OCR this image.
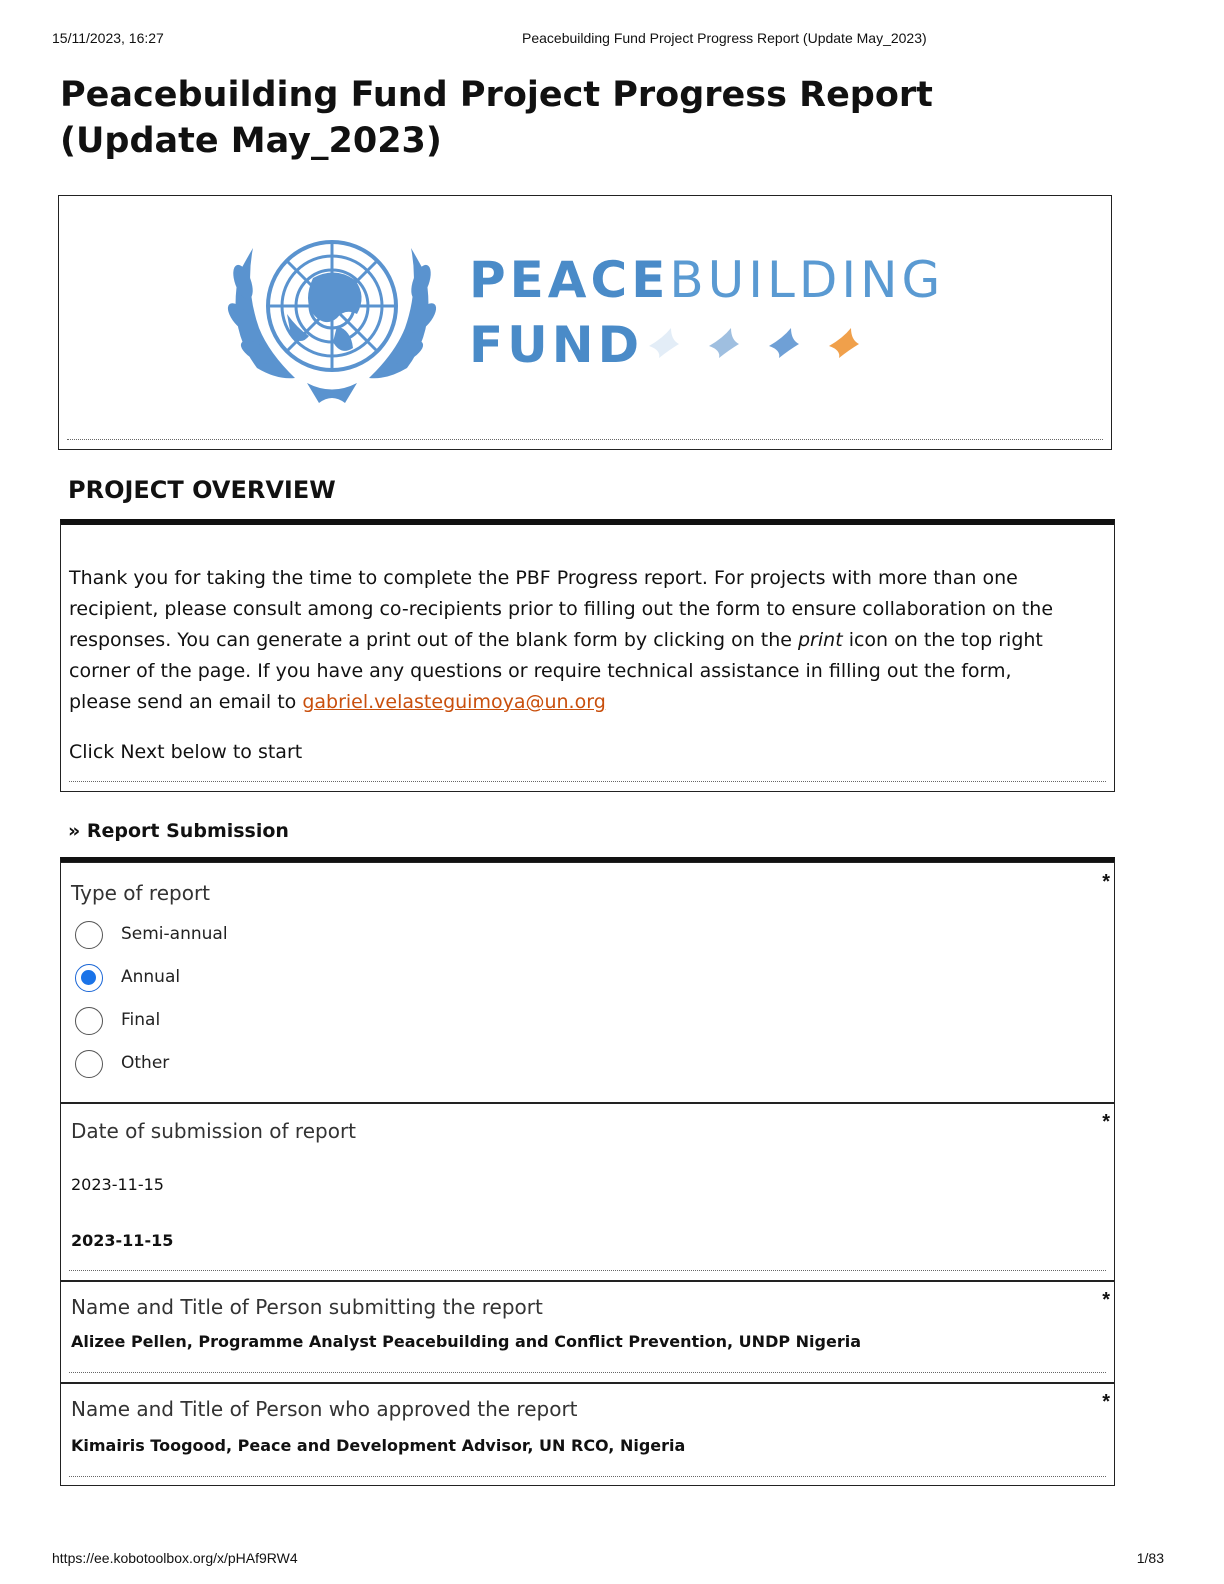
15/11/2023, 16:27	Peacebuilding Fund Project Progress Report (Update May_2023)
Peacebuilding Fund Project Progress Report (Update May_2023)
PEACEBUILDING
FUND
PROJECT OVERVIEW
Thank you for taking the time to complete the PBF Progress report. For projects with more than one recipient, please consult among co-recipients prior to filling out the form to ensure collaboration on the responses. You can generate a print out of the blank form by clicking on the print icon on the top right corner of the page. If you have any questions or require technical assistance in filling out the form, please send an email to gabriel.velasteguimoya@un.org
Click Next below to start
» Report Submission
Type of report	*
Semi-annual
Annual
Final
Other
Date of submission of report	*
2023-11-15
2023-11-15
Name and Title of Person submitting the report	*
Alizee Pellen, Programme Analyst Peacebuilding and Conflict Prevention, UNDP Nigeria
Name and Title of Person who approved the report	*
Kimairis Toogood, Peace and Development Advisor, UN RCO, Nigeria
https://ee.kobotoolbox.org/x/pHAf9RW4	1/83
